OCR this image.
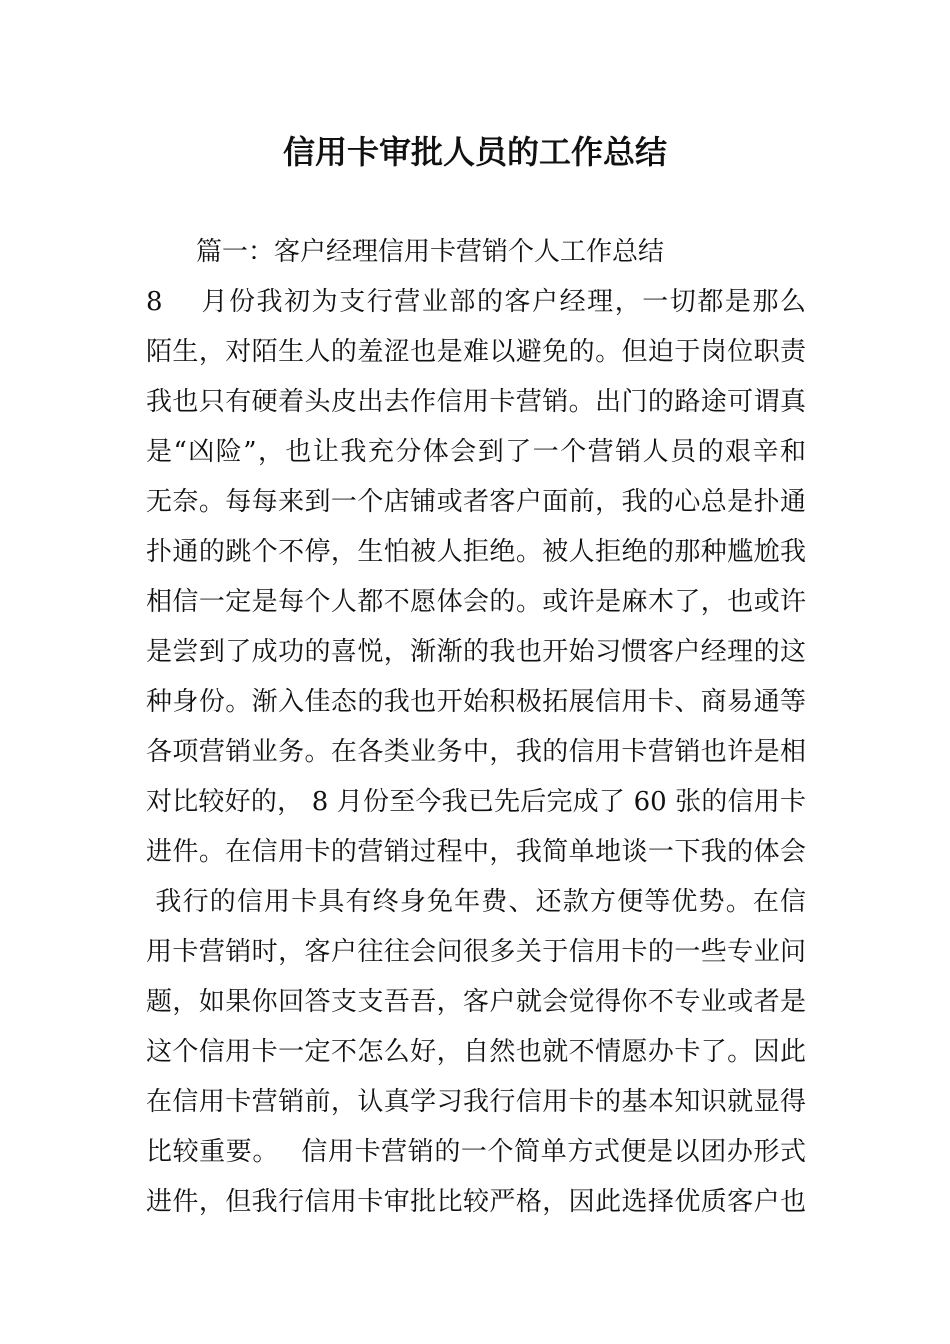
信用卡审批人员的工作总结
篇一：客户经理信用卡营销个人工作总结
8　 月份我初为支行营业部的客户经理，一切都是那么
陌生，对陌生人的羞涩也是难以避免的。但迫于岗位职责
我也只有硬着头皮出去作信用卡营销。出门的路途可谓真
是“凶险”，也让我充分体会到了一个营销人员的艰辛和
无奈。每每来到一个店铺或者客户面前，我的心总是扑通
扑通的跳个不停，生怕被人拒绝。被人拒绝的那种尴尬我
相信一定是每个人都不愿体会的。或许是麻木了，也或许
是尝到了成功的喜悦，渐渐的我也开始习惯客户经理的这
种身份。渐入佳态的我也开始积极拓展信用卡、商易通等
各项营销业务。在各类业务中，我的信用卡营销也许是相
对比较好的， 8 月份至今我已先后完成了 60 张的信用卡
进件。在信用卡的营销过程中，我简单地谈一下我的体会
我行的信用卡具有终身免年费、还款方便等优势。在信
用卡营销时，客户往往会问很多关于信用卡的一些专业问
题，如果你回答支支吾吾，客户就会觉得你不专业或者是
这个信用卡一定不怎么好，自然也就不情愿办卡了。因此
在信用卡营销前，认真学习我行信用卡的基本知识就显得
比较重要。　 信用卡营销的一个简单方式便是以团办形式
进件，但我行信用卡审批比较严格，因此选择优质客户也
